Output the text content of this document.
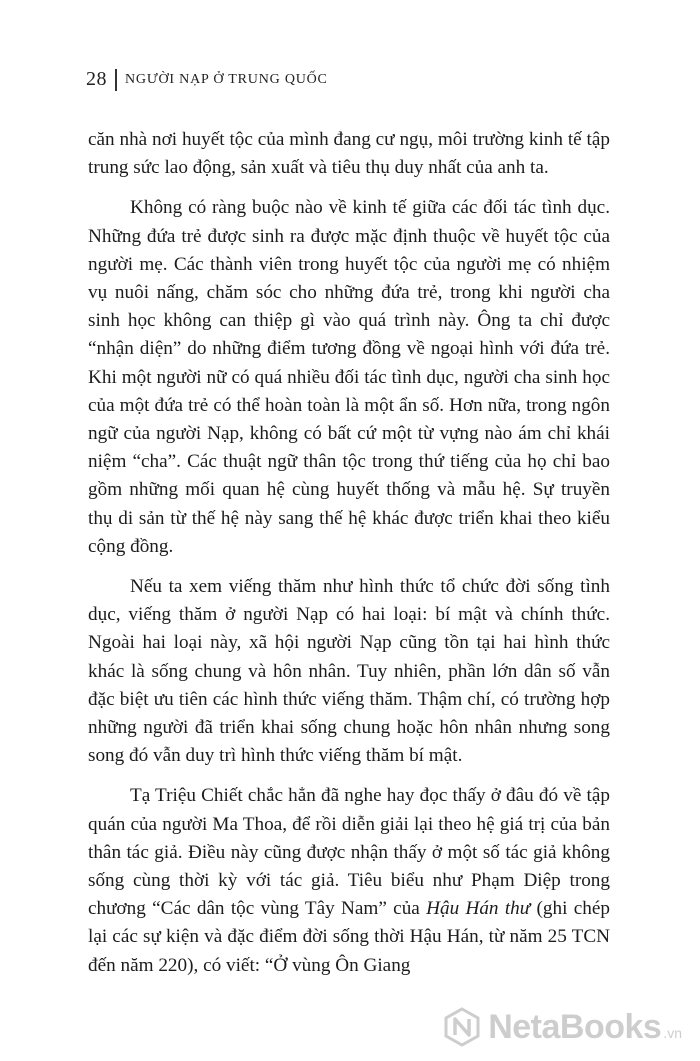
28 NGƯỜI NẠP Ở TRUNG QUỐC

căn nhà nơi huyết tộc của mình đang cư ngụ, môi trường kinh tế tập trung sức lao động, sản xuất và tiêu thụ duy nhất của anh ta.

Không có ràng buộc nào về kinh tế giữa các đối tác tình dục. Những đứa trẻ được sinh ra được mặc định thuộc về huyết tộc của người mẹ. Các thành viên trong huyết tộc của người mẹ có nhiệm vụ nuôi nấng, chăm sóc cho những đứa trẻ, trong khi người cha sinh học không can thiệp gì vào quá trình này. Ông ta chỉ được “nhận diện” do những điểm tương đồng về ngoại hình với đứa trẻ. Khi một người nữ có quá nhiều đối tác tình dục, người cha sinh học của một đứa trẻ có thể hoàn toàn là một ẩn số. Hơn nữa, trong ngôn ngữ của người Nạp, không có bất cứ một từ vựng nào ám chỉ khái niệm “cha”. Các thuật ngữ thân tộc trong thứ tiếng của họ chỉ bao gồm những mối quan hệ cùng huyết thống và mẫu hệ. Sự truyền thụ di sản từ thế hệ này sang thế hệ khác được triển khai theo kiểu cộng đồng.

Nếu ta xem viếng thăm như hình thức tổ chức đời sống tình dục, viếng thăm ở người Nạp có hai loại: bí mật và chính thức. Ngoài hai loại này, xã hội người Nạp cũng tồn tại hai hình thức khác là sống chung và hôn nhân. Tuy nhiên, phần lớn dân số vẫn đặc biệt ưu tiên các hình thức viếng thăm. Thậm chí, có trường hợp những người đã triển khai sống chung hoặc hôn nhân nhưng song song đó vẫn duy trì hình thức viếng thăm bí mật.

Tạ Triệu Chiết chắc hẳn đã nghe hay đọc thấy ở đâu đó về tập quán của người Ma Thoa, để rồi diễn giải lại theo hệ giá trị của bản thân tác giả. Điều này cũng được nhận thấy ở một số tác giả không sống cùng thời kỳ với tác giả. Tiêu biểu như Phạm Diệp trong chương “Các dân tộc vùng Tây Nam” của Hậu Hán thư (ghi chép lại các sự kiện và đặc điểm đời sống thời Hậu Hán, từ năm 25 TCN đến năm 220), có viết: “Ở vùng Ôn Giang

NetaBooks .vn
